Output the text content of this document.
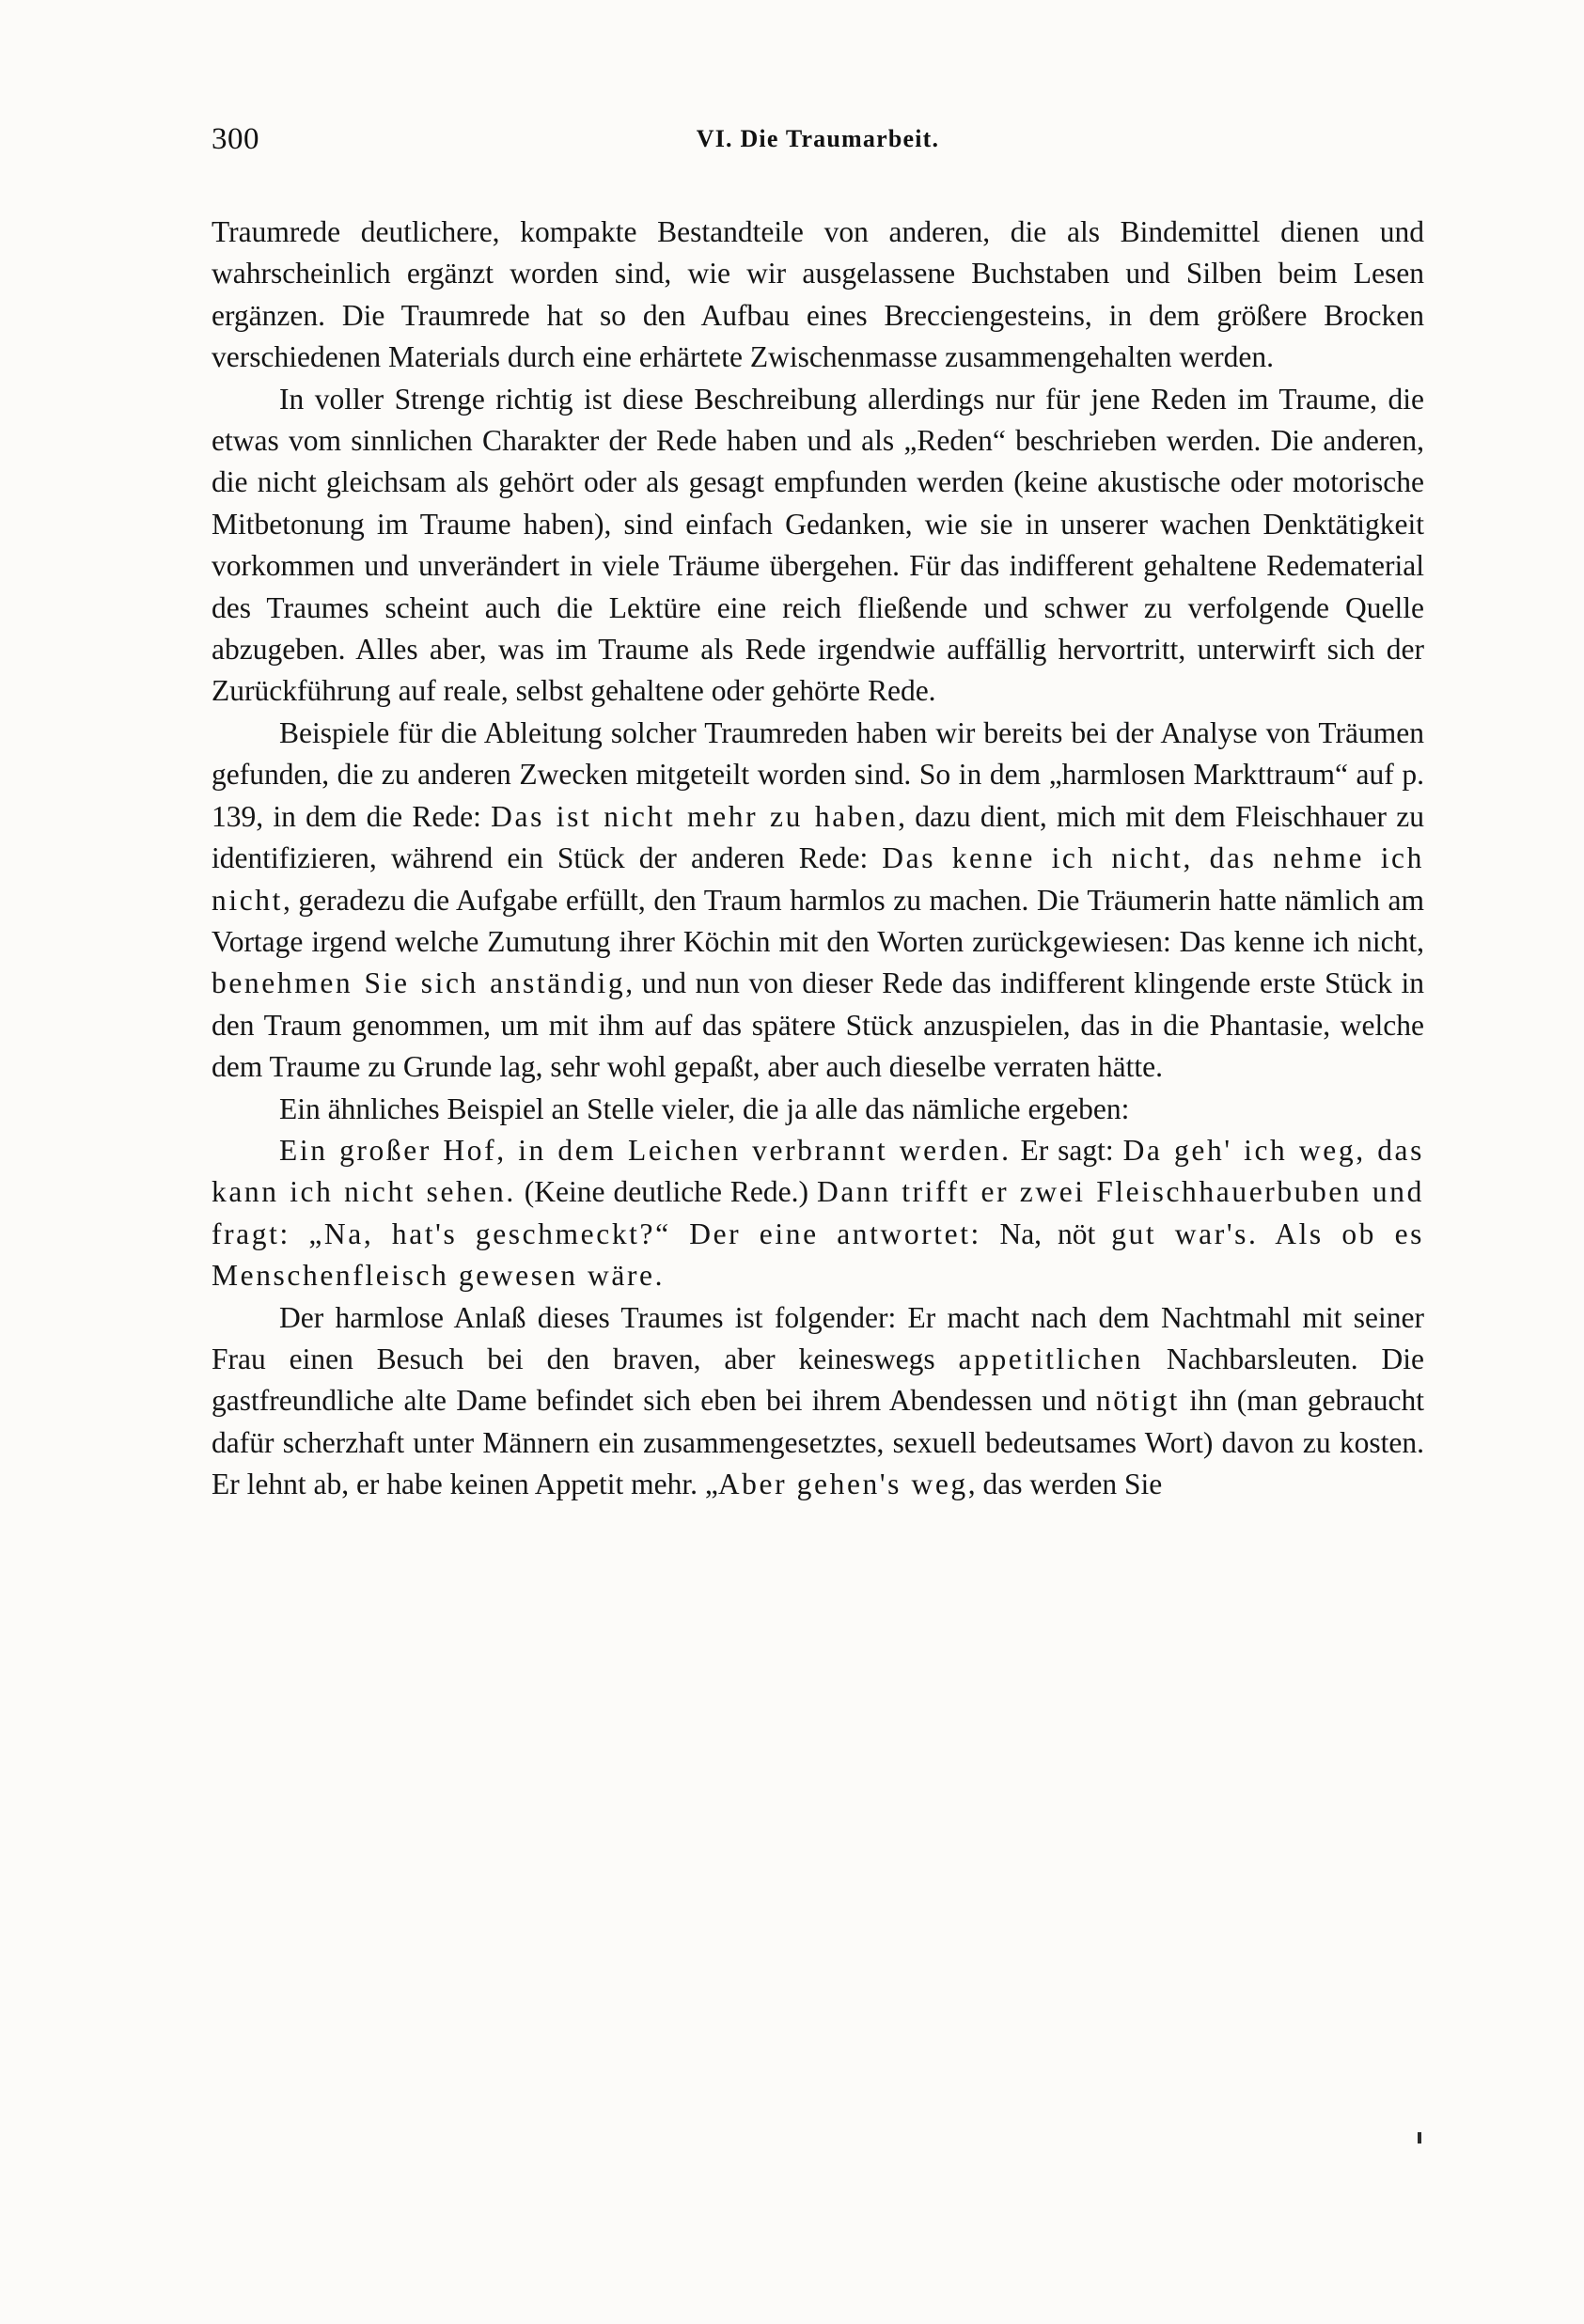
300	VI. Die Traumarbeit.

Traumrede deutlichere, kompakte Bestandteile von anderen, die als Bindemittel dienen und wahrscheinlich ergänzt worden sind, wie wir ausgelassene Buchstaben und Silben beim Lesen ergänzen. Die Traumrede hat so den Aufbau eines Brecciengesteins, in dem größere Brocken verschiedenen Materials durch eine erhärtete Zwischenmasse zusammengehalten werden.

In voller Strenge richtig ist diese Beschreibung allerdings nur für jene Reden im Traume, die etwas vom sinnlichen Charakter der Rede haben und als „Reden“ beschrieben werden. Die anderen, die nicht gleichsam als gehört oder als gesagt empfunden werden (keine akustische oder motorische Mitbetonung im Traume haben), sind einfach Gedanken, wie sie in unserer wachen Denktätigkeit vorkommen und unverändert in viele Träume übergehen. Für das indifferent gehaltene Redematerial des Traumes scheint auch die Lektüre eine reich fließende und schwer zu verfolgende Quelle abzugeben. Alles aber, was im Traume als Rede irgendwie auffällig hervortritt, unterwirft sich der Zurückführung auf reale, selbst gehaltene oder gehörte Rede.

Beispiele für die Ableitung solcher Traumreden haben wir bereits bei der Analyse von Träumen gefunden, die zu anderen Zwecken mitgeteilt worden sind. So in dem „harmlosen Markttraum“ auf p. 139, in dem die Rede: Das ist nicht mehr zu haben, dazu dient, mich mit dem Fleischhauer zu identifizieren, während ein Stück der anderen Rede: Das kenne ich nicht, das nehme ich nicht, geradezu die Aufgabe erfüllt, den Traum harmlos zu machen. Die Träumerin hatte nämlich am Vortage irgend welche Zumutung ihrer Köchin mit den Worten zurückgewiesen: Das kenne ich nicht, benehmen Sie sich anständig, und nun von dieser Rede das indifferent klingende erste Stück in den Traum genommen, um mit ihm auf das spätere Stück anzuspielen, das in die Phantasie, welche dem Traume zu Grunde lag, sehr wohl gepaßt, aber auch dieselbe verraten hätte.

Ein ähnliches Beispiel an Stelle vieler, die ja alle das nämliche ergeben:

Ein großer Hof, in dem Leichen verbrannt werden. Er sagt: Da geh' ich weg, das kann ich nicht sehen. (Keine deutliche Rede.) Dann trifft er zwei Fleischhauerbuben und fragt: „Na, hat's geschmeckt?“ Der eine antwortet: Na, nöt gut war's. Als ob es Menschenfleisch gewesen wäre.

Der harmlose Anlaß dieses Traumes ist folgender: Er macht nach dem Nachtmahl mit seiner Frau einen Besuch bei den braven, aber keineswegs appetitlichen Nachbarsleuten. Die gastfreundliche alte Dame befindet sich eben bei ihrem Abendessen und nötigt ihn (man gebraucht dafür scherzhaft unter Männern ein zusammengesetztes, sexuell bedeutsames Wort) davon zu kosten. Er lehnt ab, er habe keinen Appetit mehr. „Aber gehen's weg, das werden Sie
